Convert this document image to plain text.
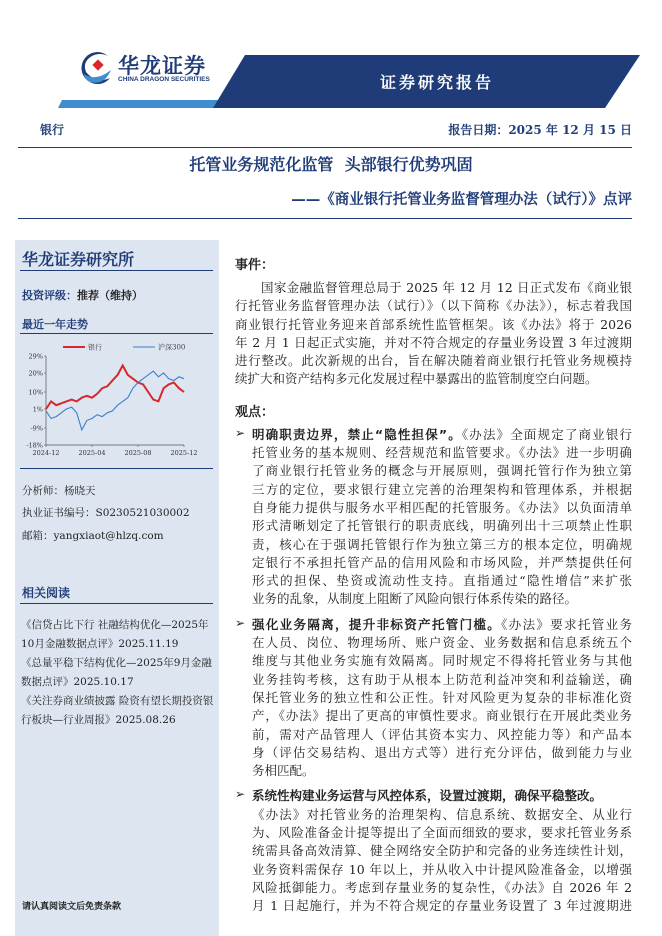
华龙证券
CHINA DRAGON SECURITIES	证券研究报告
银行	报告日期：2025 年 12 月 15 日
托管业务规范化监管  头部银行优势巩固
——《商业银行托管业务监督管理办法（试行）》点评
华龙证券研究所
投资评级：推荐（维持）
最近一年走势
29%
20%
10%
1%
-9%
-18%
2024-12	2025-04	2025-08	2025-12
银行	沪深300
分析师：杨晓天
执业证书编号：S0230521030002
邮箱：yangxiaot@hlzq.com
相关阅读
《信贷占比下行 社融结构优化—2025年10月金融数据点评》2025.11.19
《总量平稳下结构优化—2025年9月金融数据点评》2025.10.17
《关注券商业绩披露 险资有望长期投资银行板块—行业周报》2025.08.26
请认真阅读文后免责条款
事件：
国家金融监督管理总局于 2025 年 12 月 12 日正式发布《商业银
行托管业务监督管理办法（试行）》（以下简称《办法》），标志着我国
商业银行托管业务迎来首部系统性监管框架。该《办法》将于 2026
年 2 月 1 日起正式实施，并对不符合规定的存量业务设置 3 年过渡期
进行整改。此次新规的出台，旨在解决随着商业银行托管业务规模持
续扩大和资产结构多元化发展过程中暴露出的监管制度空白问题。
观点：
➢ 明确职责边界，禁止“隐性担保”。《办法》全面规定了商业银行
托管业务的基本规则、经营规范和监管要求。《办法》进一步明确
了商业银行托管业务的概念与开展原则，强调托管行作为独立第
三方的定位，要求银行建立完善的治理架构和管理体系，并根据
自身能力提供与服务水平相匹配的托管服务。《办法》以负面清单
形式清晰划定了托管银行的职责底线，明确列出十三项禁止性职
责，核心在于强调托管银行作为独立第三方的根本定位，明确规
定银行不承担托管产品的信用风险和市场风险，并严禁提供任何
形式的担保、垫资或流动性支持。直指通过“隐性增信”来扩张
业务的乱象，从制度上阻断了风险向银行体系传染的路径。
➢ 强化业务隔离，提升非标资产托管门槛。《办法》要求托管业务
在人员、岗位、物理场所、账户资金、业务数据和信息系统五个
维度与其他业务实施有效隔离。同时规定不得将托管业务与其他
业务挂钩考核，这有助于从根本上防范利益冲突和利益输送，确
保托管业务的独立性和公正性。针对风险更为复杂的非标准化资
产，《办法》提出了更高的审慎性要求。商业银行在开展此类业务
前，需对产品管理人（评估其资本实力、风控能力等）和产品本
身（评估交易结构、退出方式等）进行充分评估，做到能力与业
务相匹配。
➢ 系统性构建业务运营与风控体系，设置过渡期，确保平稳整改。
《办法》对托管业务的治理架构、信息系统、数据安全、从业行
为、风险准备金计提等提出了全面而细致的要求，要求托管业务系
统需具备高效清算、健全网络安全防护和完备的业务连续性计划，
业务资料需保存 10 年以上，并从收入中计提风险准备金，以增强
风险抵御能力。考虑到存量业务的复杂性，《办法》自 2026 年 2
月 1 日起施行，并为不符合规定的存量业务设置了 3 年过渡期进
